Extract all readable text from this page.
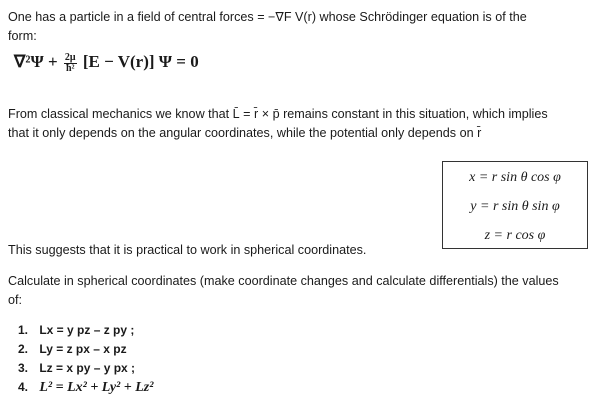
One has a particle in a field of central forces = −∇F V(r) whose Schrödinger equation is of the
form:
$\nabla^2\Psi + \frac{2\mu}{\text{ħ²}} [E - V(r)] \Psi = 0$
From classical mechanics we know that L̄ = r̄ × p̄ remains constant in this situation, which implies
that it only depends on the angular coordinates, while the potential only depends on r̄
x = r sin θ cos φ
y = r sin θ sin φ
z = r cos φ
This suggests that it is practical to work in spherical coordinates.
Calculate in spherical coordinates (make coordinate changes and calculate differentials) the values
of:
1. Lx = y pz – z py ;
2. Ly = z px – x pz
3. Lz = x py – y px ;
4. L² = Lx² + Ly² + Lz²
